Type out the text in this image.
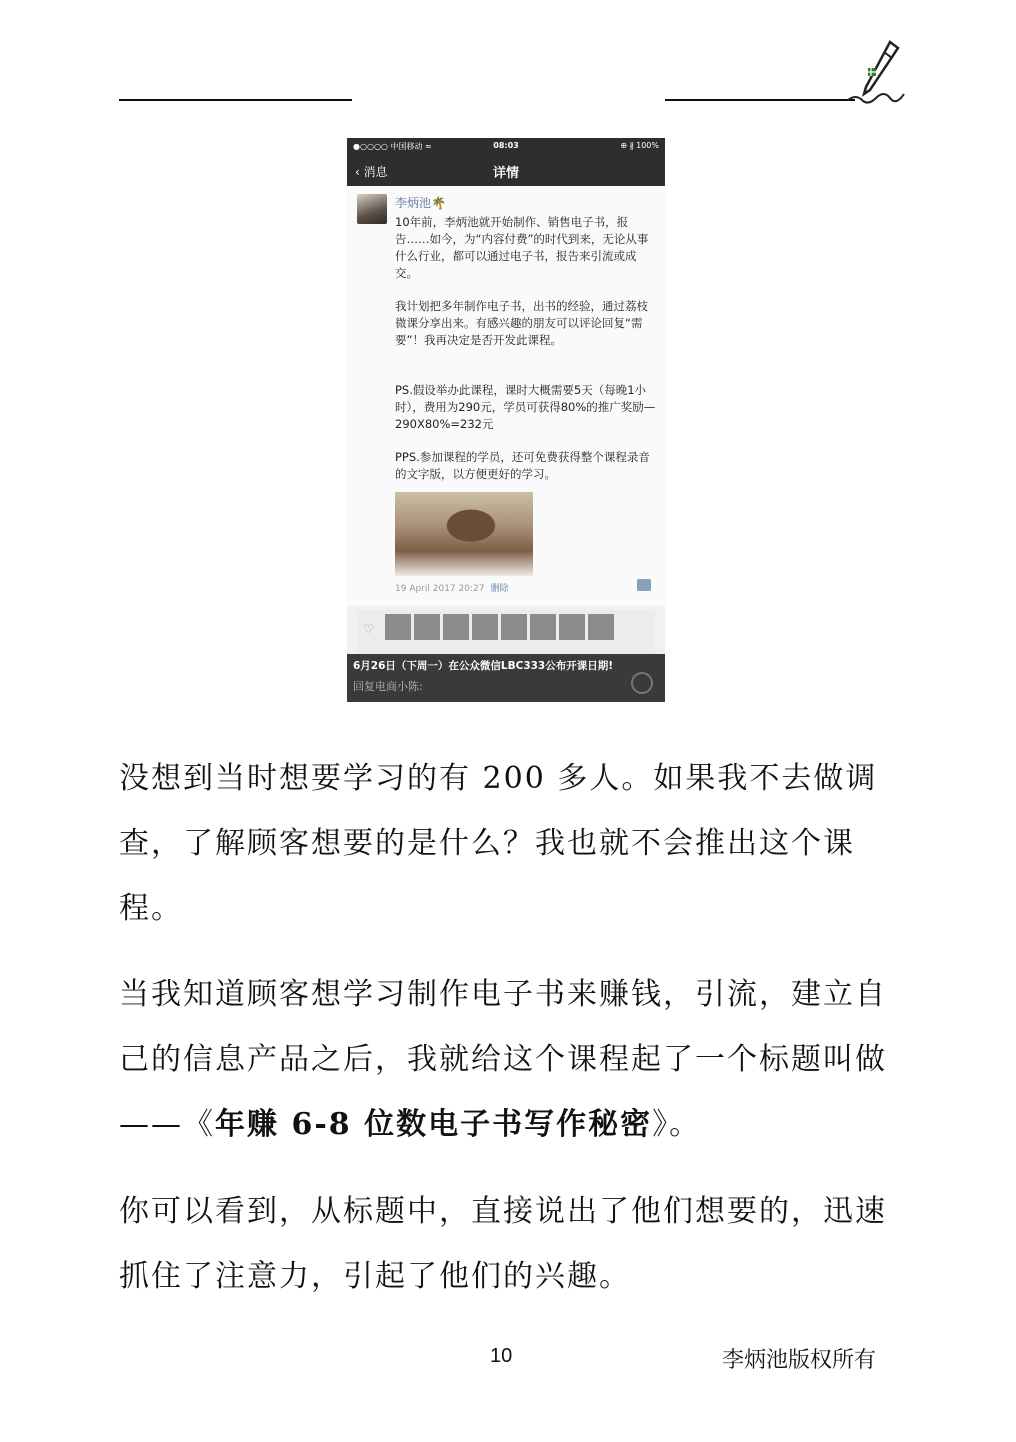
●○○○○ 中国移动 ≈	08:03	⊕ ∦ 100%
‹ 消息	详情
李炳池🌴

10年前，李炳池就开始制作、销售电子书，报告……如今，为“内容付费”的时代到来，无论从事什么行业，都可以通过电子书，报告来引流或成交。

我计划把多年制作电子书，出书的经验，通过荔枝微课分享出来。有感兴趣的朋友可以评论回复“需要”！我再决定是否开发此课程。

PS.假设举办此课程，课时大概需要5天（每晚1小时），费用为290元，学员可获得80%的推广奖励—290X80%=232元

PPS.参加课程的学员，还可免费获得整个课程录音的文字版，以方便更好的学习。

19 April 2017 20:27 删除
♡
6月26日（下周一）在公众微信LBC333公布开课日期!
回复电商小陈:

没想到当时想要学习的有 200 多人。如果我不去做调查，了解顾客想要的是什么？我也就不会推出这个课程。

当我知道顾客想学习制作电子书来赚钱，引流，建立自己的信息产品之后，我就给这个课程起了一个标题叫做——《年赚 6-8 位数电子书写作秘密》。

你可以看到，从标题中，直接说出了他们想要的，迅速抓住了注意力，引起了他们的兴趣。

10	李炳池版权所有
